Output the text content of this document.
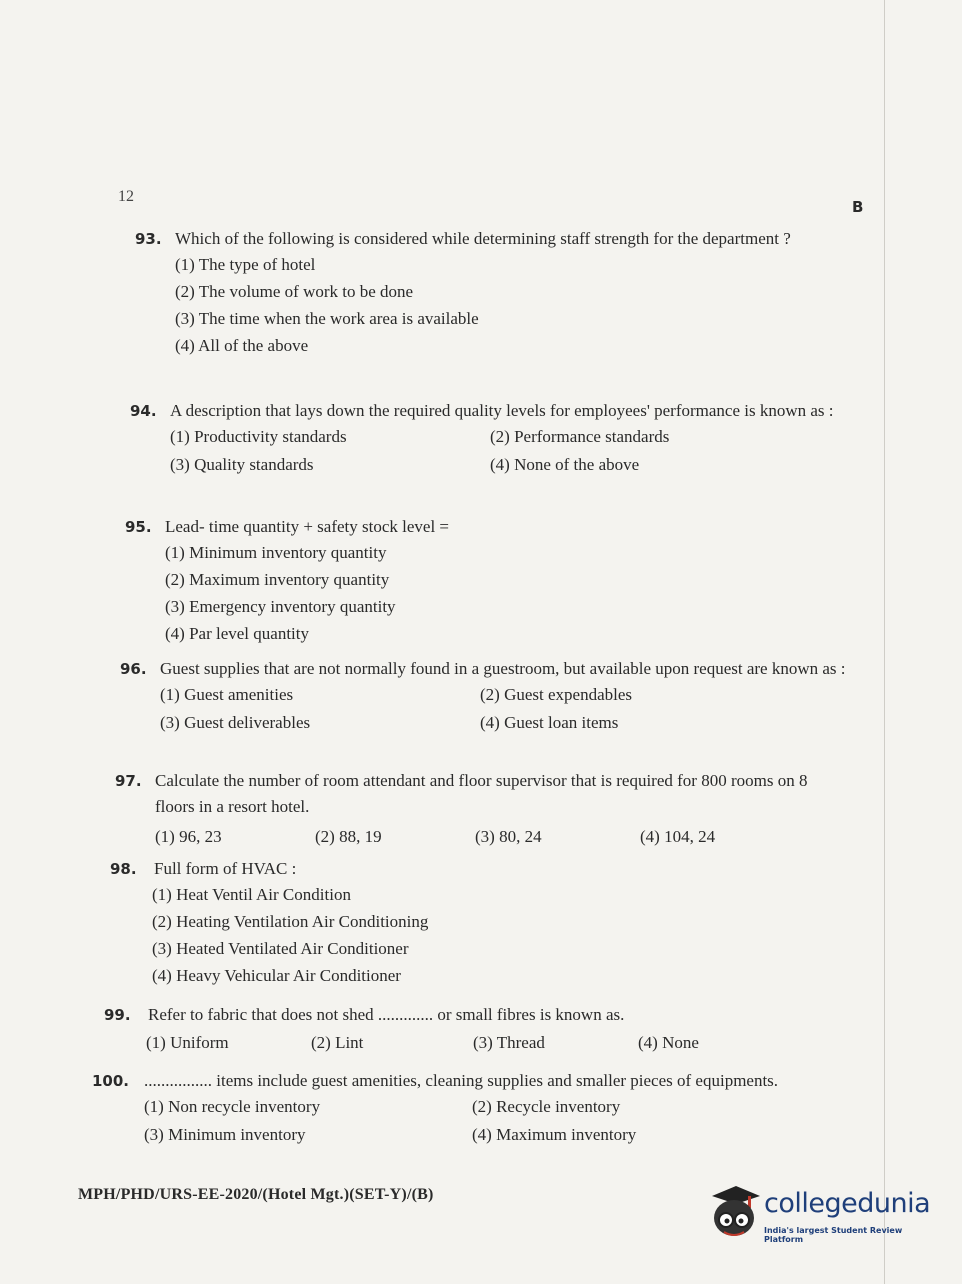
12
B
93. Which of the following is considered while determining staff strength for the department ?
(1) The type of hotel
(2) The volume of work to be done
(3) The time when the work area is available
(4) All of the above
94. A description that lays down the required quality levels for employees' performance is known as :
(1) Productivity standards	(2) Performance standards
(3) Quality standards	(4) None of the above
95. Lead- time quantity + safety stock level =
(1) Minimum inventory quantity
(2) Maximum inventory quantity
(3) Emergency inventory quantity
(4) Par level quantity
96. Guest supplies that are not normally found in a guestroom, but available upon request are known as :
(1) Guest amenities	(2) Guest expendables
(3) Guest deliverables	(4) Guest loan items
97. Calculate the number of room attendant and floor supervisor that is required for 800 rooms on 8 floors in a resort hotel.
(1) 96, 23	(2) 88, 19	(3) 80, 24	(4) 104, 24
98. Full form of HVAC :
(1) Heat Ventil Air Condition
(2) Heating Ventilation Air Conditioning
(3) Heated Ventilated Air Conditioner
(4) Heavy Vehicular Air Conditioner
99. Refer to fabric that does not shed ............. or small fibres is known as.
(1) Uniform	(2) Lint	(3) Thread	(4) None
100. ................ items include guest amenities, cleaning supplies and smaller pieces of equipments.
(1) Non recycle inventory	(2) Recycle inventory
(3) Minimum inventory	(4) Maximum inventory
MPH/PHD/URS-EE-2020/(Hotel Mgt.)(SET-Y)/(B)	collegedunia
India's largest Student Review Platform
